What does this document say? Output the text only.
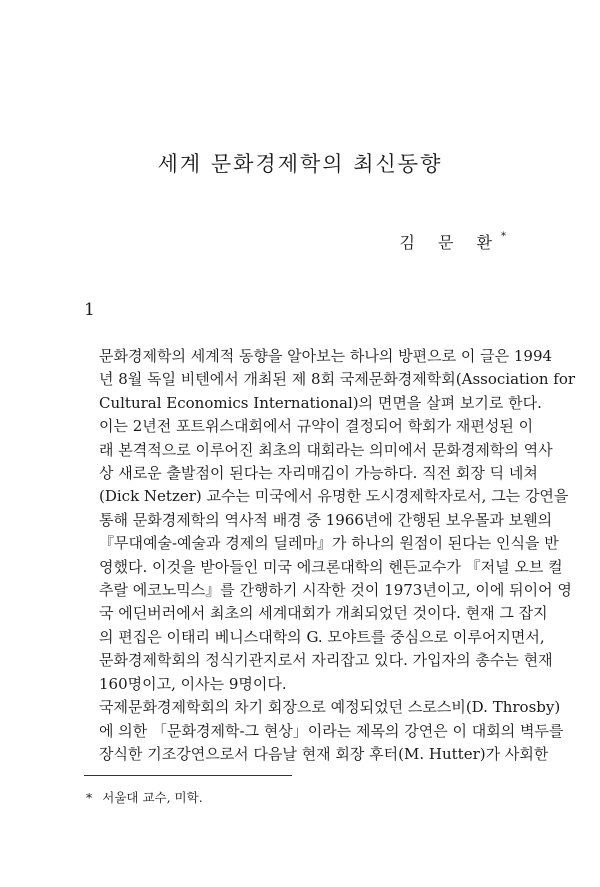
세계 문화경제학의 최신동향
김 문 환*
1

문화경제학의 세계적 동향을 알아보는 하나의 방편으로 이 글은 1994
년 8월 독일 비텐에서 개최된 제 8회 국제문화경제학회(Association for
Cultural Economics International)의 면면을 살펴 보기로 한다.

이는 2년전 포트위스대회에서 규약이 결정되어 학회가 재편성된 이
래 본격적으로 이루어진 최초의 대회라는 의미에서 문화경제학의 역사
상 새로운 출발점이 된다는 자리매김이 가능하다. 직전 회장 딕 네쳐
(Dick Netzer) 교수는 미국에서 유명한 도시경제학자로서, 그는 강연을
통해 문화경제학의 역사적 배경 중 1966년에 간행된 보우몰과 보웬의
『무대예술-예술과 경제의 딜레마』가 하나의 원점이 된다는 인식을 반
영했다. 이것을 받아들인 미국 에크론대학의 헨든교수가 『저널 오브 컬
추랄 에코노믹스』를 간행하기 시작한 것이 1973년이고, 이에 뒤이어 영
국 에딘버러에서 최초의 세계대회가 개최되었던 것이다. 현재 그 잡지
의 편집은 이태리 베니스대학의 G. 모야트를 중심으로 이루어지면서,
문화경제학회의 정식기관지로서 자리잡고 있다. 가입자의 총수는 현재
160명이고, 이사는 9명이다.

국제문화경제학회의 차기 회장으로 예정되었던 스로스비(D. Throsby)
에 의한 「문화경제학-그 현상」이라는 제목의 강연은 이 대회의 벽두를
장식한 기조강연으로서 다음날 현재 회장 후터(M. Hutter)가 사회한

* 서울대 교수, 미학.
